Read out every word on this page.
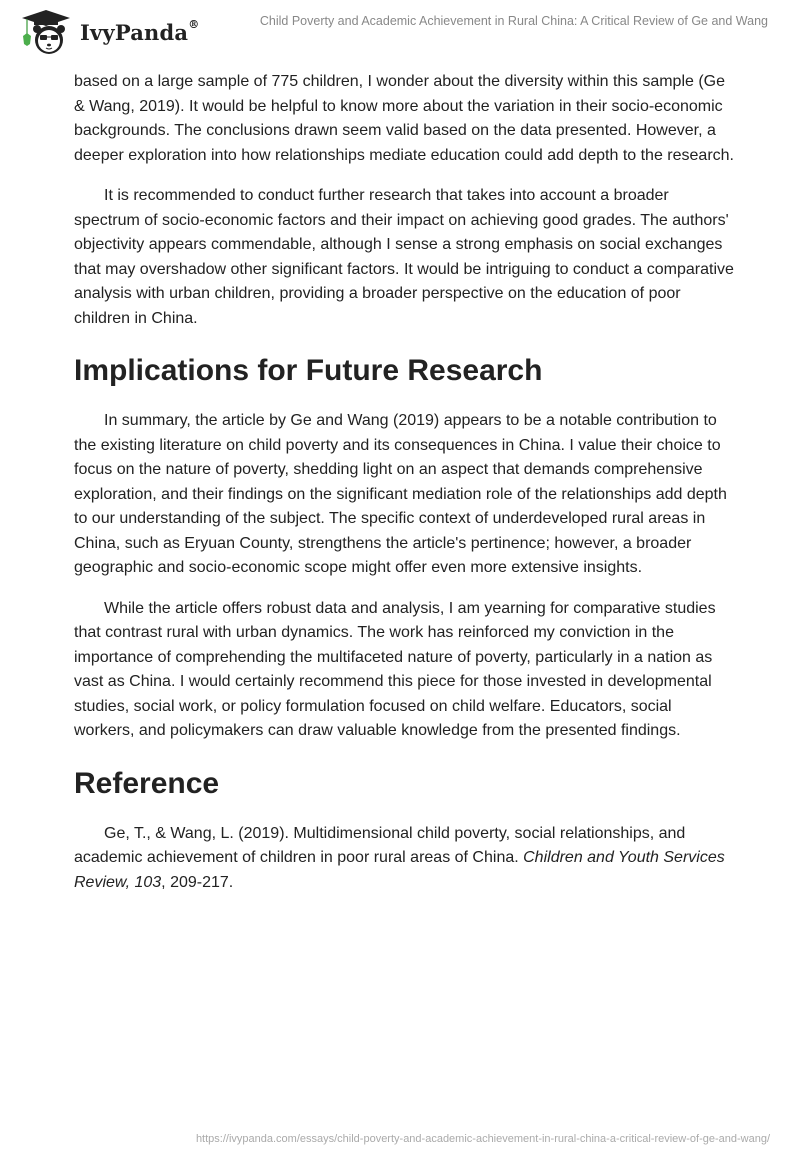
IvyPanda®	Child Poverty and Academic Achievement in Rural China: A Critical Review of Ge and Wang

based on a large sample of 775 children, I wonder about the diversity within this sample (Ge & Wang, 2019). It would be helpful to know more about the variation in their socio-economic backgrounds. The conclusions drawn seem valid based on the data presented. However, a deeper exploration into how relationships mediate education could add depth to the research.

It is recommended to conduct further research that takes into account a broader spectrum of socio-economic factors and their impact on achieving good grades. The authors' objectivity appears commendable, although I sense a strong emphasis on social exchanges that may overshadow other significant factors. It would be intriguing to conduct a comparative analysis with urban children, providing a broader perspective on the education of poor children in China.

Implications for Future Research

In summary, the article by Ge and Wang (2019) appears to be a notable contribution to the existing literature on child poverty and its consequences in China. I value their choice to focus on the nature of poverty, shedding light on an aspect that demands comprehensive exploration, and their findings on the significant mediation role of the relationships add depth to our understanding of the subject. The specific context of underdeveloped rural areas in China, such as Eryuan County, strengthens the article's pertinence; however, a broader geographic and socio-economic scope might offer even more extensive insights.

While the article offers robust data and analysis, I am yearning for comparative studies that contrast rural with urban dynamics. The work has reinforced my conviction in the importance of comprehending the multifaceted nature of poverty, particularly in a nation as vast as China. I would certainly recommend this piece for those invested in developmental studies, social work, or policy formulation focused on child welfare. Educators, social workers, and policymakers can draw valuable knowledge from the presented findings.

Reference

Ge, T., & Wang, L. (2019). Multidimensional child poverty, social relationships, and academic achievement of children in poor rural areas of China. Children and Youth Services Review, 103, 209-217.

https://ivypanda.com/essays/child-poverty-and-academic-achievement-in-rural-china-a-critical-review-of-ge-and-wang/
